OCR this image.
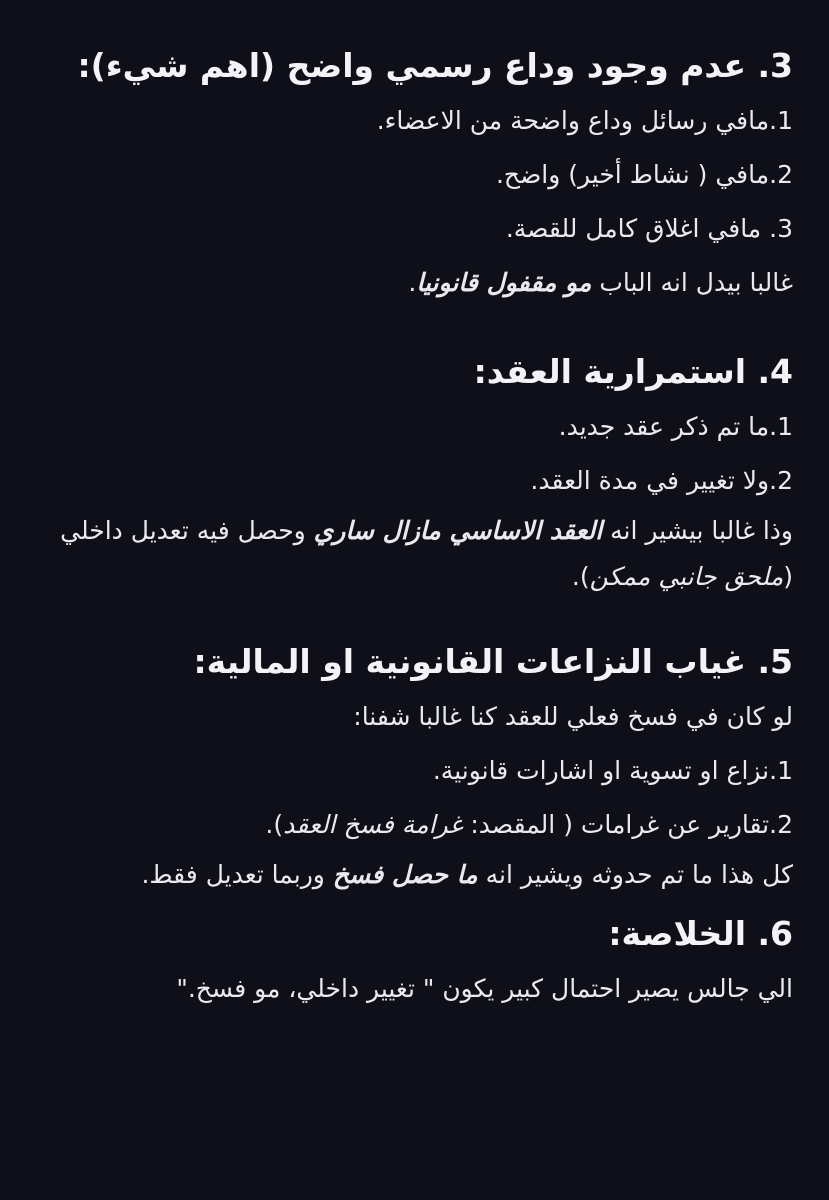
3. عدم وجود وداع رسمي واضح (اهم شيء):

1.مافي رسائل وداع واضحة من الاعضاء.

2.مافي ( نشاط أخير) واضح.

3. مافي اغلاق كامل للقصة.

غالبا بيدل انه الباب مو مقفول قانونيا.

4. استمرارية العقد:

1.ما تم ذكر عقد جديد.

2.ولا تغيير في مدة العقد.

وذا غالبا بيشير انه العقد الاساسي مازال ساري وحصل فيه تعديل داخلي (ملحق جانبي ممكن).

5. غياب النزاعات القانونية او المالية:

لو كان في فسخ فعلي للعقد كنا غالبا شفنا:

1.نزاع او تسوية او اشارات قانونية.

2.تقارير عن غرامات ( المقصد: غرامة فسخ العقد).

كل هذا ما تم حدوثه ويشير انه ما حصل فسخ وربما تعديل فقط.

6. الخلاصة:

الي جالس يصير احتمال كبير يكون " تغيير داخلي، مو فسخ."
